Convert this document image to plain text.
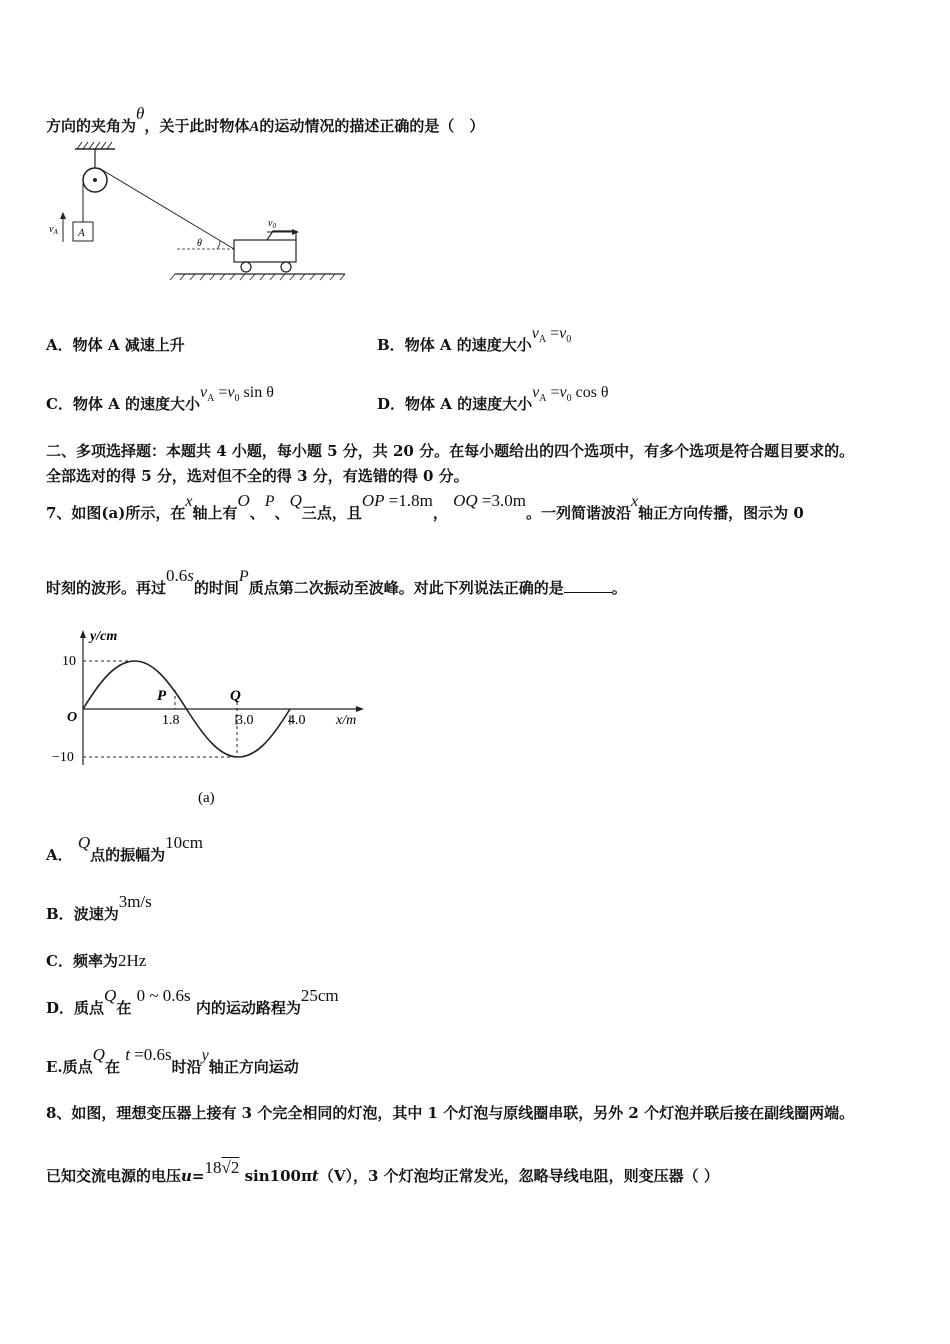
方向的夹角为θ，关于此时物体A的运动情况的描述正确的是（　）
A
$v_A$
θ
$v_0$
A．物体 A 减速上升	B．物体 A 的速度大小$v_A =v_0$
C．物体 A 的速度大小$v_A =v_0$ sin θ
D．物体 A 的速度大小$v_A =v_0$ cos θ
二、多项选择题：本题共 4 小题，每小题 5 分，共 20 分。在每小题给出的四个选项中，有多个选项是符合题目要求的。
全部选对的得 5 分，选对但不全的得 3 分，有选错的得 0 分。
7、如图(a)所示，在x轴上有O、P、Q三点，且OP =1.8m， OQ =3.0m。一列简谐波沿x轴正方向传播，图示为 0
时刻的波形。再过0.6s的时间P质点第二次振动至波峰。对此下列说法正确的是	。
y/cm
x/m
10
−10
O	1.8	3.0 4.0
P	Q
(a)
A． Q点的振幅为10cm
B．波速为3m/s
C．频率为2Hz
D．质点Q在 0 ~ 0.6s 内的运动路程为25cm
E.质点Q在 t =0.6s时沿y轴正方向运动
8、如图，理想变压器上接有 3 个完全相同的灯泡，其中 1 个灯泡与原线圈串联，另外 2 个灯泡并联后接在副线圈两端。
已知交流电源的电压u=18√2 sin100πt（V），3 个灯泡均正常发光，忽略导线电阻，则变压器（ ）
